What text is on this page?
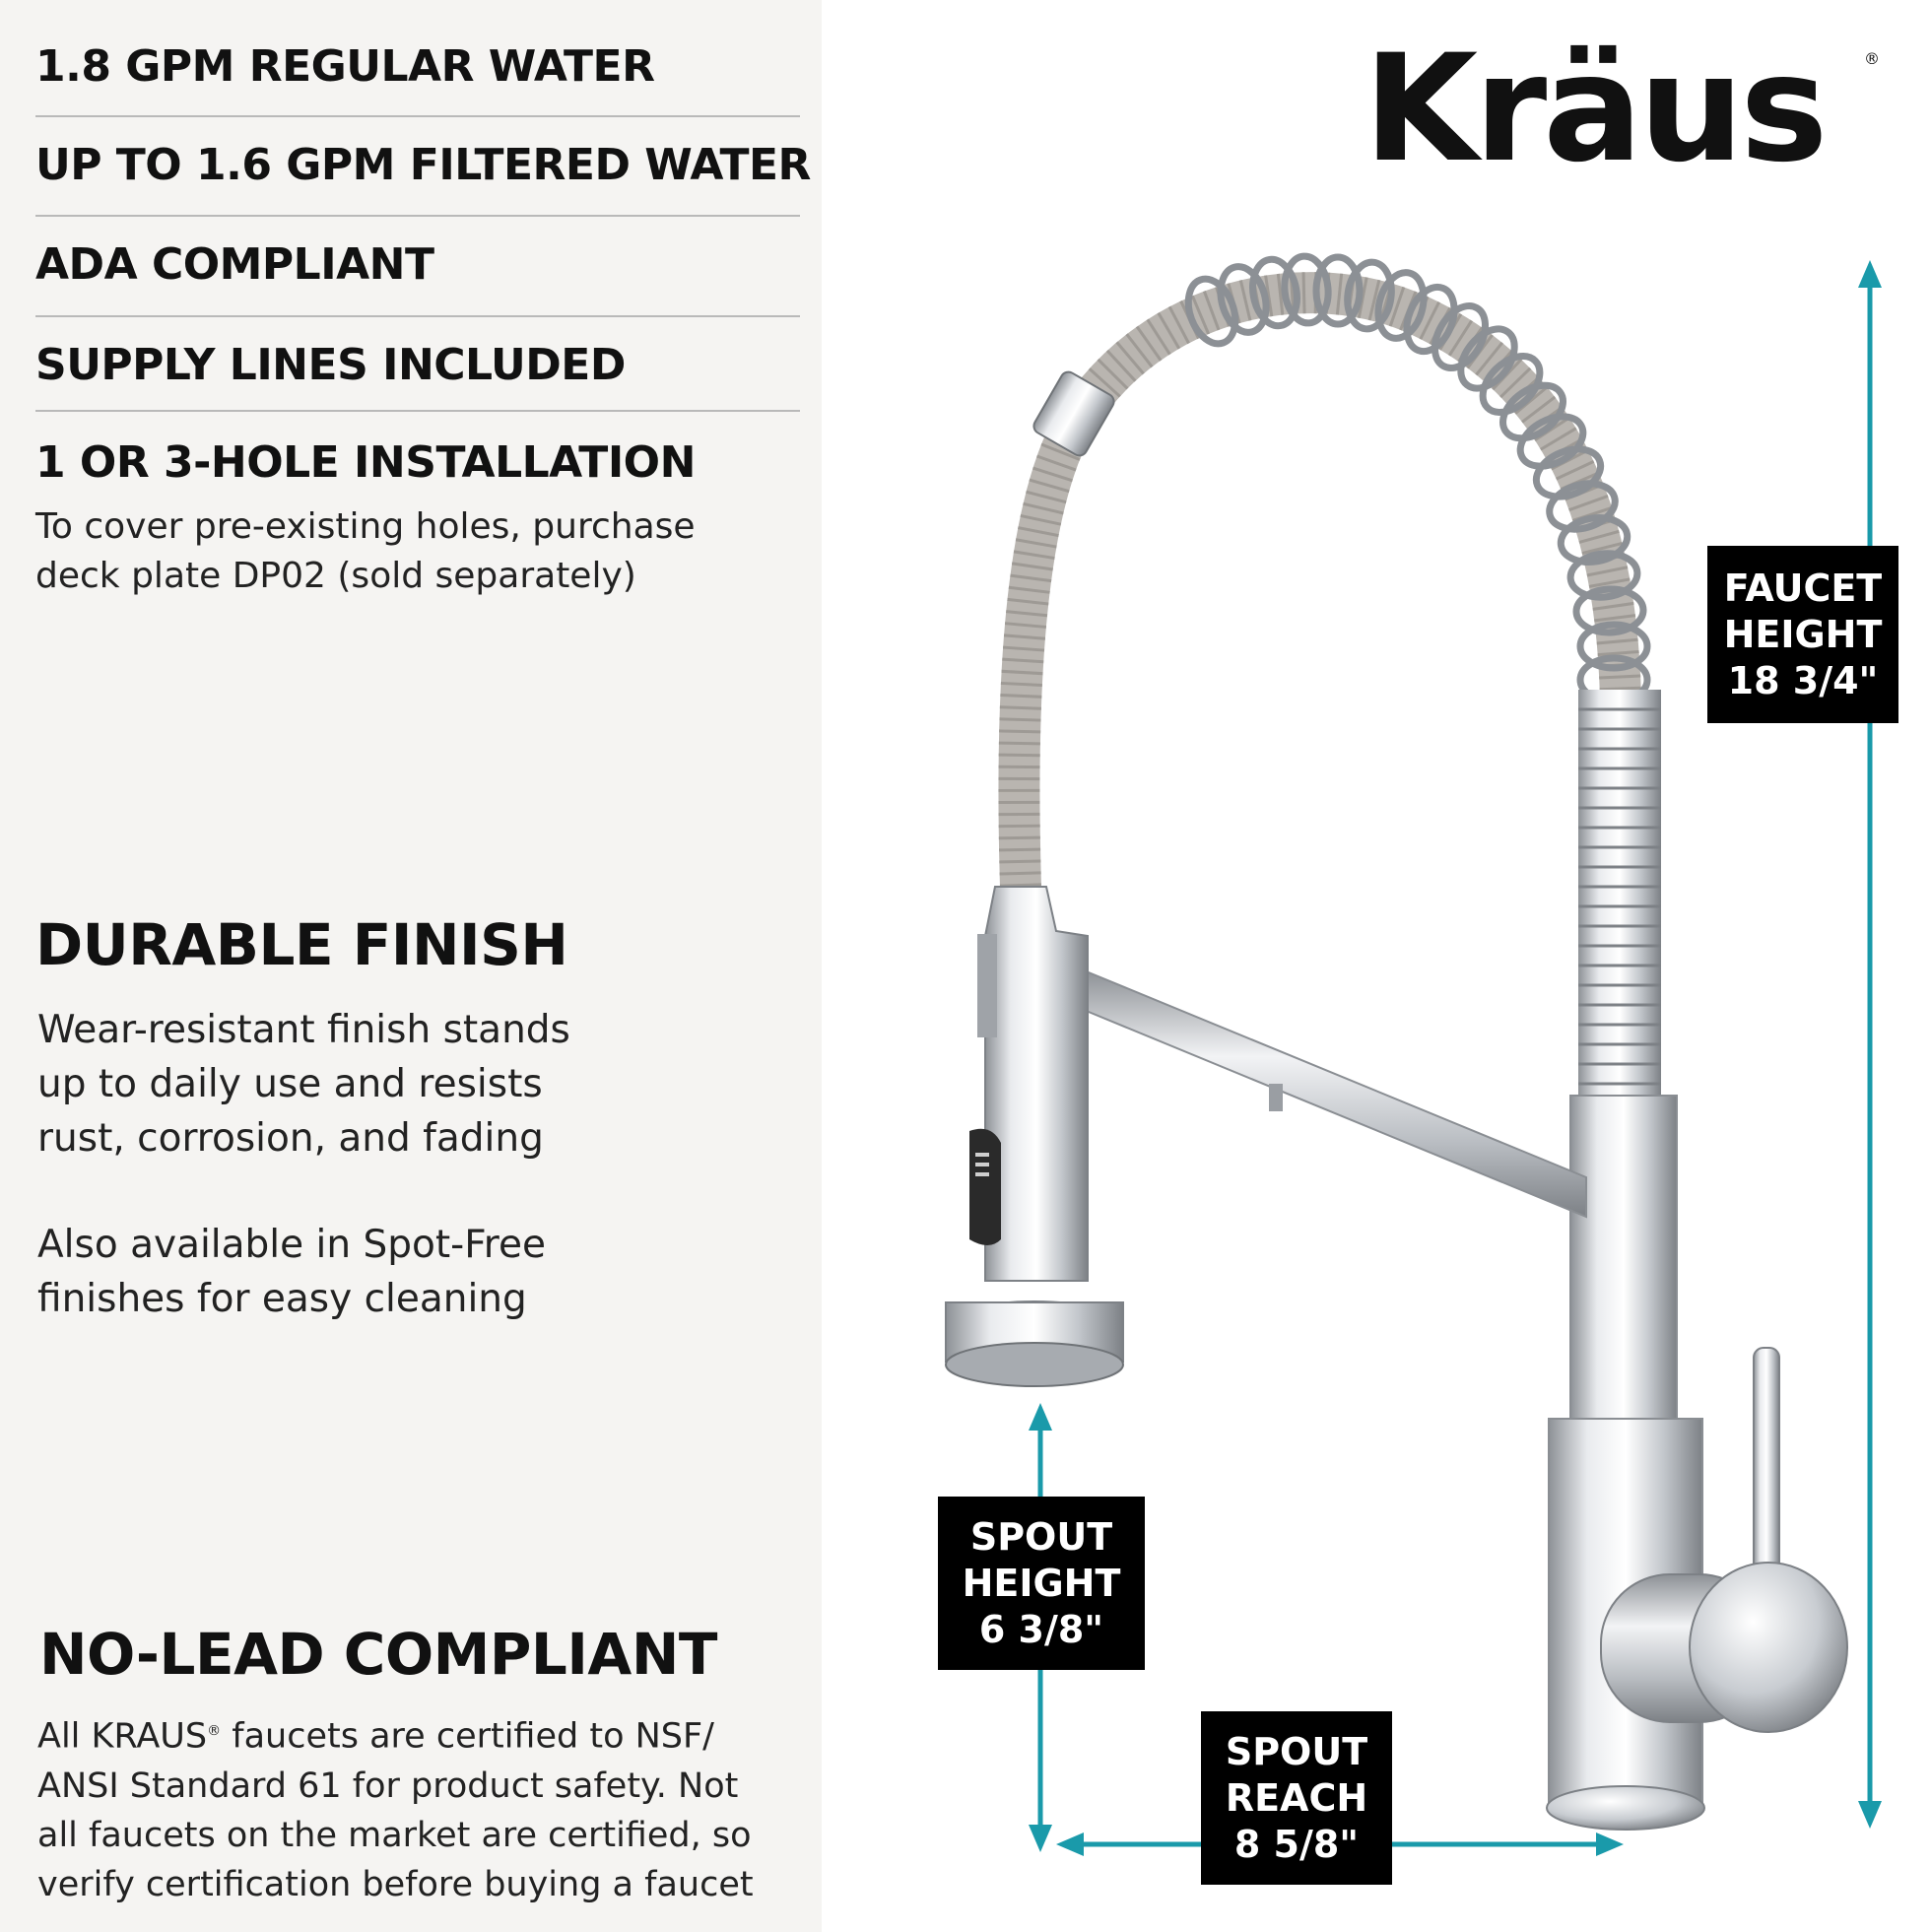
1.8 GPM REGULAR WATER
UP TO 1.6 GPM FILTERED WATER
ADA COMPLIANT
SUPPLY LINES INCLUDED
1 OR 3-HOLE INSTALLATION
To cover pre-existing holes, purchase
deck plate DP02 (sold separately)
DURABLE FINISH
Wear-resistant finish stands
up to daily use and resists
rust, corrosion, and fading
Also available in Spot-Free
finishes for easy cleaning
NO-LEAD COMPLIANT
All KRAUS® faucets are certified to NSF/
ANSI Standard 61 for product safety. Not
all faucets on the market are certified, so
verify certification before buying a faucet
Kräus	®
FAUCET
HEIGHT
18 3/4"
SPOUT
HEIGHT
6 3/8"
SPOUT
REACH
8 5/8"
